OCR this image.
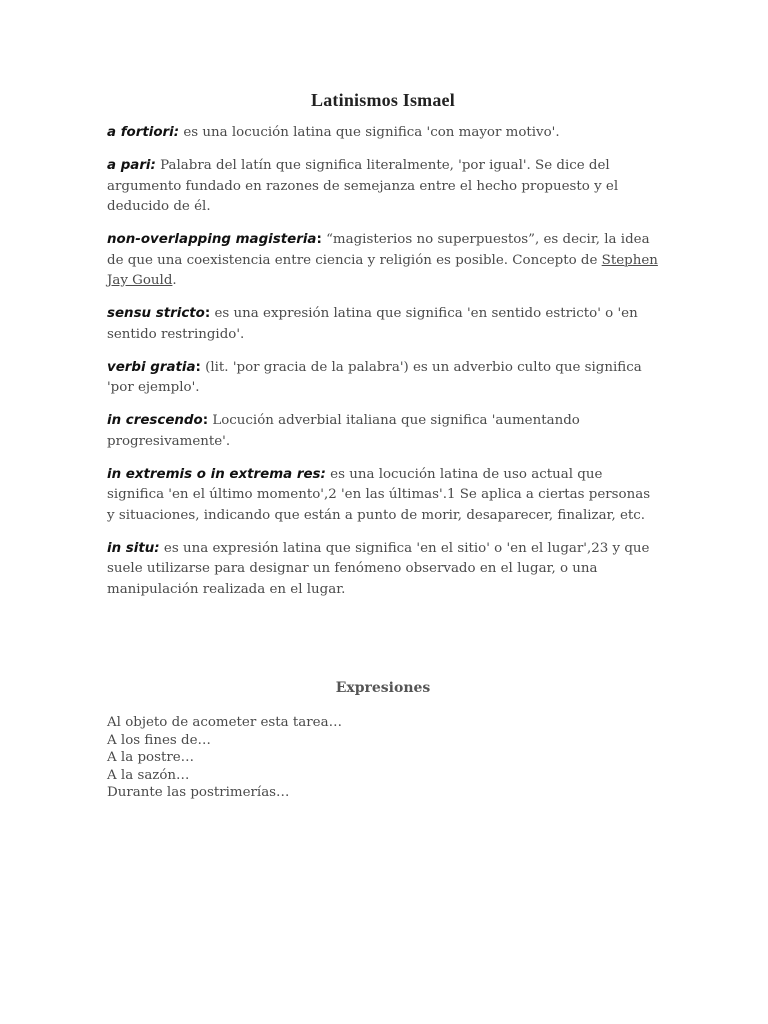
Latinismos Ismael

a fortiori: es una locución latina que significa 'con mayor motivo'.

a pari: Palabra del latín que significa literalmente, 'por igual'. Se dice del argumento fundado en razones de semejanza entre el hecho propuesto y el deducido de él.

non-overlapping magisteria: “magisterios no superpuestos”, es decir, la idea de que una coexistencia entre ciencia y religión es posible. Concepto de Stephen Jay Gould.

sensu stricto: es una expresión latina que significa 'en sentido estricto' o 'en sentido restringido'.

verbi gratia: (lit. 'por gracia de la palabra') es un adverbio culto que significa 'por ejemplo'.

in crescendo: Locución adverbial italiana que significa 'aumentando progresivamente'.

in extremis o in extrema res: es una locución latina de uso actual que significa 'en el último momento',2 'en las últimas'.1 Se aplica a ciertas personas y situaciones, indicando que están a punto de morir, desaparecer, finalizar, etc.

in situ: es una expresión latina que significa 'en el sitio' o 'en el lugar',23 y que suele utilizarse para designar un fenómeno observado en el lugar, o una manipulación realizada en el lugar.

Expresiones
Al objeto de acometer esta tarea…
A los fines de…
A la postre…
A la sazón…
Durante las postrimerías…
